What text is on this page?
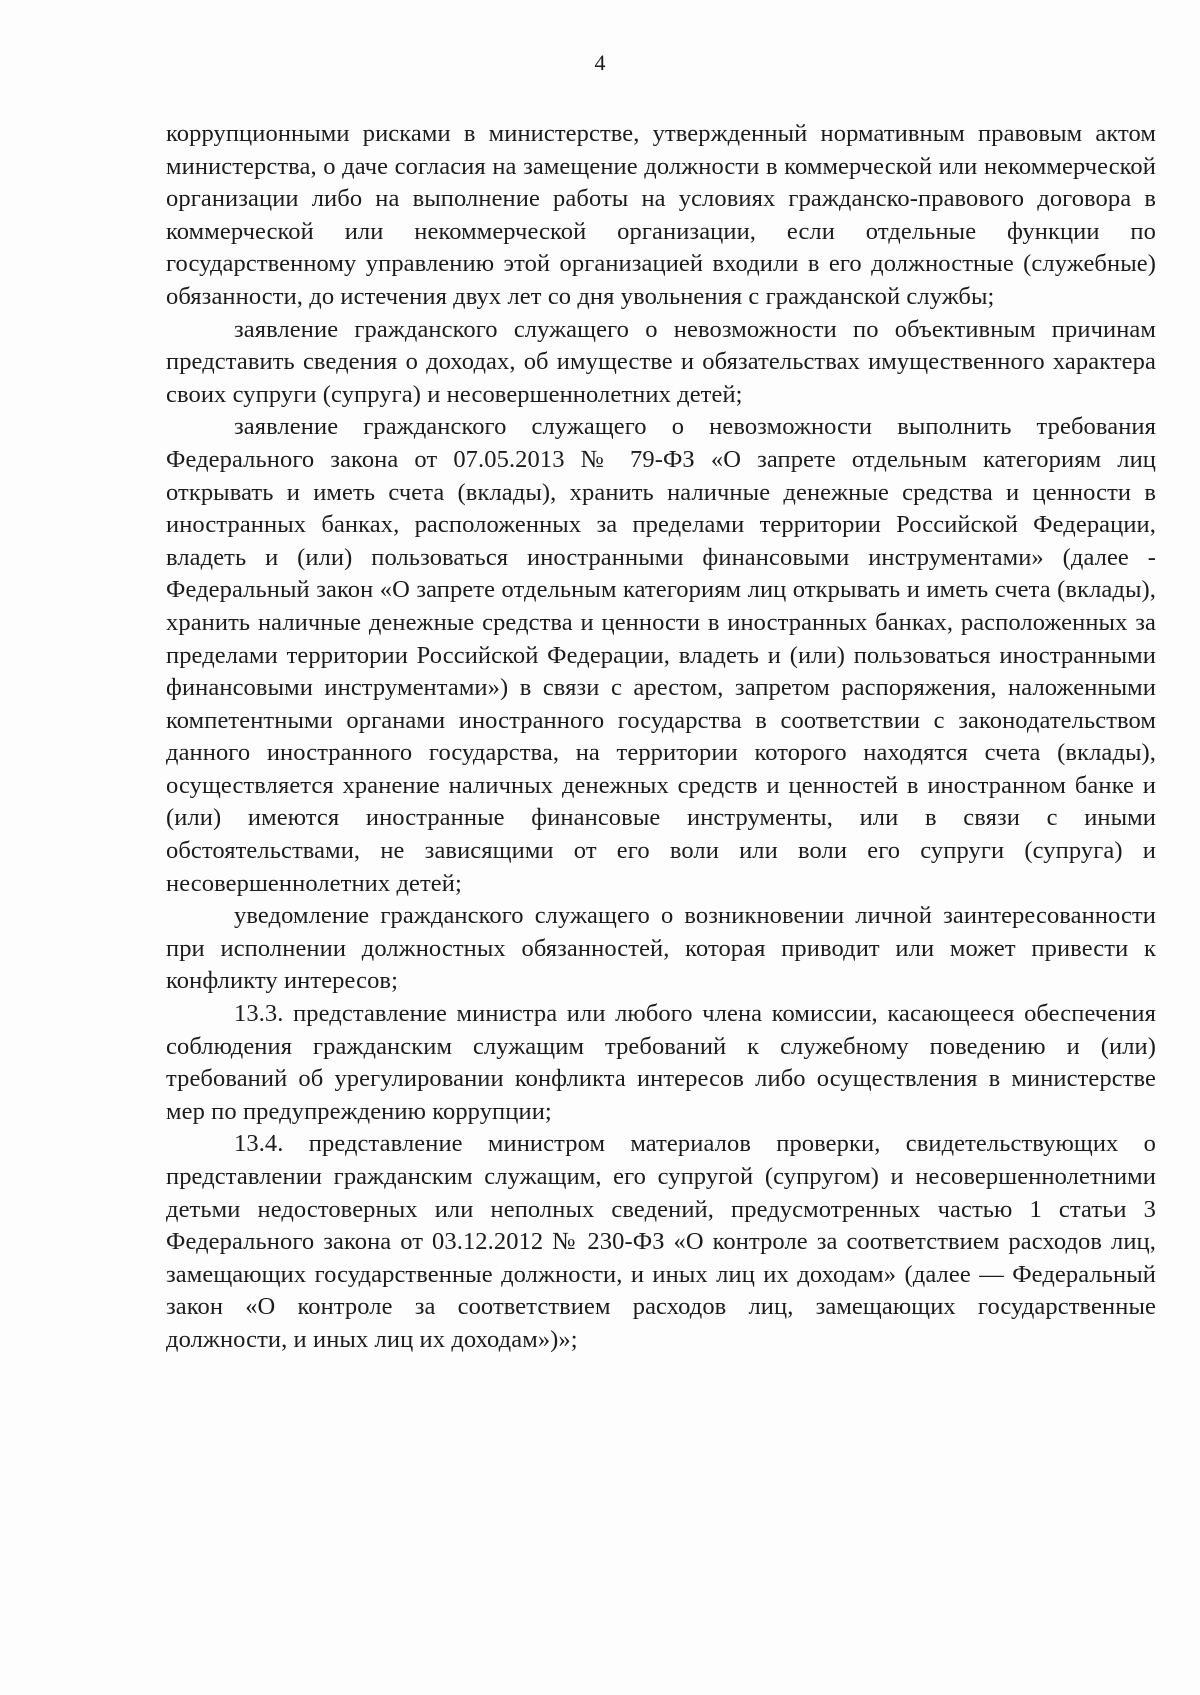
4

коррупционными рисками в министерстве, утвержденный нормативным правовым актом министерства, о даче согласия на замещение должности в коммерческой или некоммерческой организации либо на выполнение работы на условиях гражданско-правового договора в коммерческой или некоммерческой организации, если отдельные функции по государственному управлению этой организацией входили в его должностные (служебные) обязанности, до истечения двух лет со дня увольнения с гражданской службы;

заявление гражданского служащего о невозможности по объективным причинам представить сведения о доходах, об имуществе и обязательствах имущественного характера своих супруги (супруга) и несовершеннолетних детей;

заявление гражданского служащего о невозможности выполнить требования Федерального закона от 07.05.2013 № 79-ФЗ «О запрете отдельным категориям лиц открывать и иметь счета (вклады), хранить наличные денежные средства и ценности в иностранных банках, расположенных за пределами территории Российской Федерации, владеть и (или) пользоваться иностранными финансовыми инструментами» (далее - Федеральный закон «О запрете отдельным категориям лиц открывать и иметь счета (вклады), хранить наличные денежные средства и ценности в иностранных банках, расположенных за пределами территории Российской Федерации, владеть и (или) пользоваться иностранными финансовыми инструментами») в связи с арестом, запретом распоряжения, наложенными компетентными органами иностранного государства в соответствии с законодательством данного иностранного государства, на территории которого находятся счета (вклады), осуществляется хранение наличных денежных средств и ценностей в иностранном банке и (или) имеются иностранные финансовые инструменты, или в связи с иными обстоятельствами, не зависящими от его воли или воли его супруги (супруга) и несовершеннолетних детей;

уведомление гражданского служащего о возникновении личной заинтересованности при исполнении должностных обязанностей, которая приводит или может привести к конфликту интересов;

13.3. представление министра или любого члена комиссии, касающееся обеспечения соблюдения гражданским служащим требований к служебному поведению и (или) требований об урегулировании конфликта интересов либо осуществления в министерстве мер по предупреждению коррупции;

13.4. представление министром материалов проверки, свидетельствующих о представлении гражданским служащим, его супругой (супругом) и несовершеннолетними детьми недостоверных или неполных сведений, предусмотренных частью 1 статьи 3 Федерального закона от 03.12.2012 № 230-ФЗ «О контроле за соответствием расходов лиц, замещающих государственные должности, и иных лиц их доходам» (далее — Федеральный закон «О контроле за соответствием расходов лиц, замещающих государственные должности, и иных лиц их доходам»)»;
